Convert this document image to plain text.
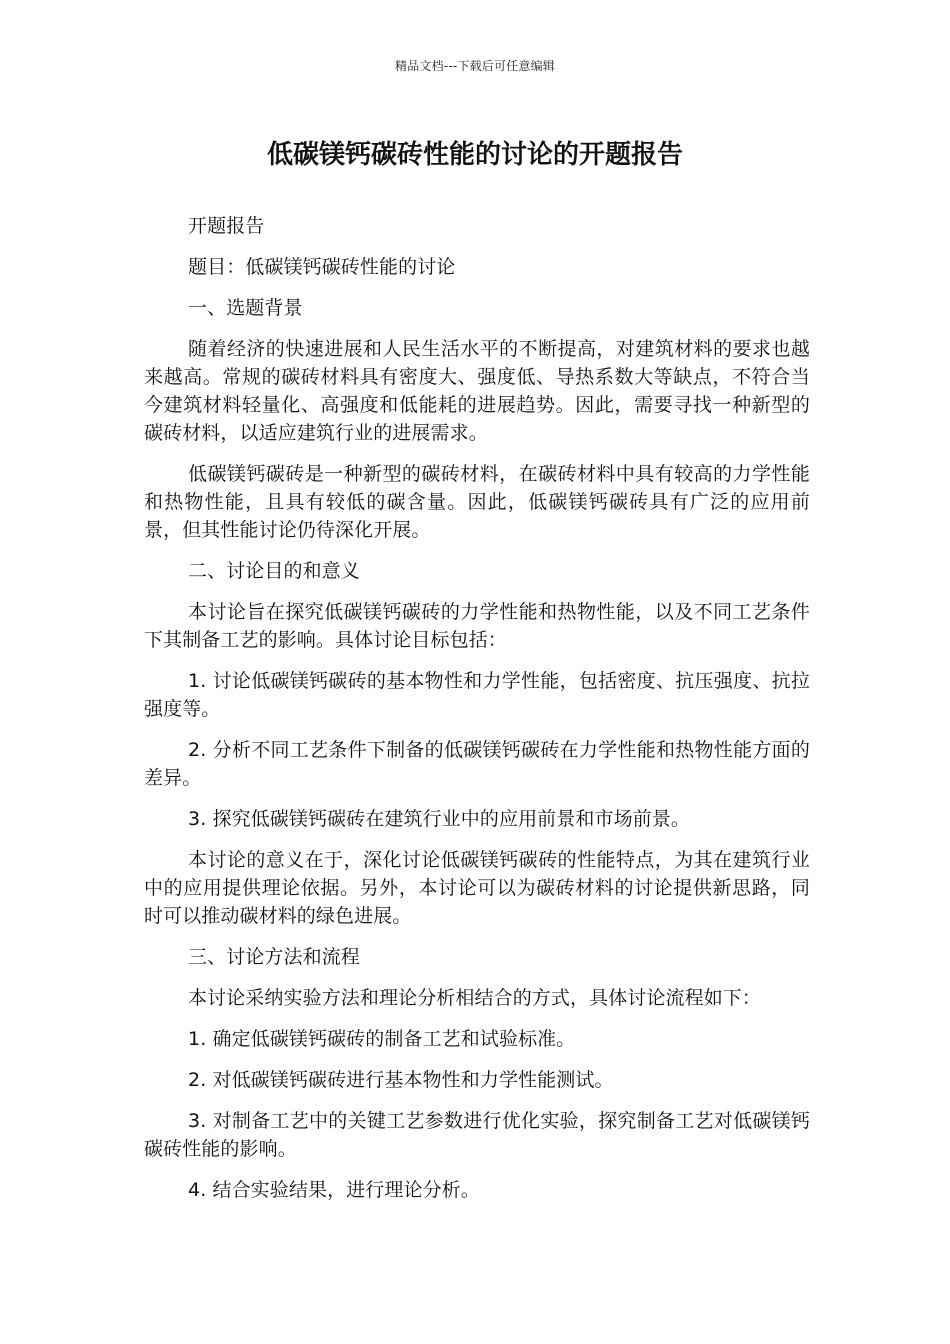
精品文档---下载后可任意编辑
低碳镁钙碳砖性能的讨论的开题报告

开题报告

题目：低碳镁钙碳砖性能的讨论

一、选题背景

随着经济的快速进展和人民生活水平的不断提高，对建筑材料的要求也越来越高。常规的碳砖材料具有密度大、强度低、导热系数大等缺点，不符合当今建筑材料轻量化、高强度和低能耗的进展趋势。因此，需要寻找一种新型的碳砖材料，以适应建筑行业的进展需求。

低碳镁钙碳砖是一种新型的碳砖材料，在碳砖材料中具有较高的力学性能和热物性能，且具有较低的碳含量。因此，低碳镁钙碳砖具有广泛的应用前景，但其性能讨论仍待深化开展。

二、讨论目的和意义

本讨论旨在探究低碳镁钙碳砖的力学性能和热物性能，以及不同工艺条件下其制备工艺的影响。具体讨论目标包括：

1. 讨论低碳镁钙碳砖的基本物性和力学性能，包括密度、抗压强度、抗拉强度等。

2. 分析不同工艺条件下制备的低碳镁钙碳砖在力学性能和热物性能方面的差异。

3. 探究低碳镁钙碳砖在建筑行业中的应用前景和市场前景。

本讨论的意义在于，深化讨论低碳镁钙碳砖的性能特点，为其在建筑行业中的应用提供理论依据。另外，本讨论可以为碳砖材料的讨论提供新思路，同时可以推动碳材料的绿色进展。

三、讨论方法和流程

本讨论采纳实验方法和理论分析相结合的方式，具体讨论流程如下：

1. 确定低碳镁钙碳砖的制备工艺和试验标准。

2. 对低碳镁钙碳砖进行基本物性和力学性能测试。

3. 对制备工艺中的关键工艺参数进行优化实验，探究制备工艺对低碳镁钙碳砖性能的影响。

4. 结合实验结果，进行理论分析。
